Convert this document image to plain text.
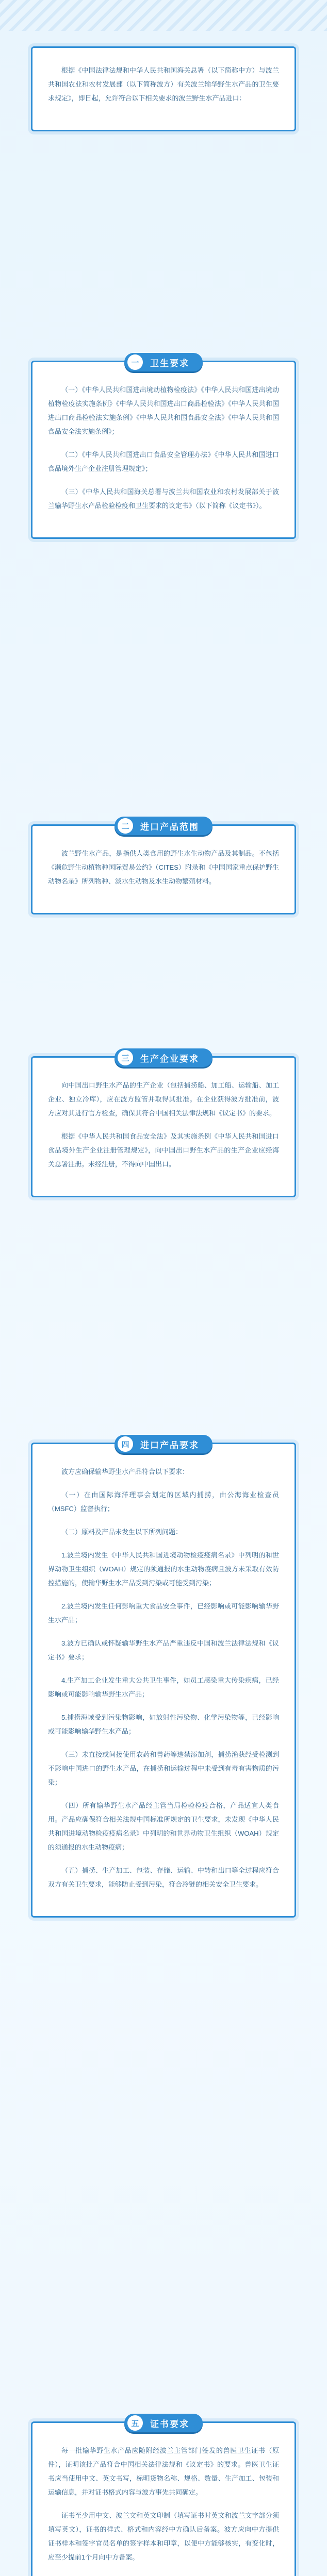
根据《中国法律法规和中华人民共和国海关总署（以下简称中方）与波兰共和国农业和农村发展部（以下简称波方）有关波兰输华野生水产品的卫生要求规定》，即日起，允许符合以下相关要求的波兰野生水产品进口：

一	卫生要求

（一）《中华人民共和国进出境动植物检疫法》《中华人民共和国进出境动植物检疫法实施条例》《中华人民共和国进出口商品检验法》《中华人民共和国进出口商品检验法实施条例》《中华人民共和国食品安全法》《中华人民共和国食品安全法实施条例》；

（二）《中华人民共和国进出口食品安全管理办法》《中华人民共和国进口食品境外生产企业注册管理规定》；

（三）《中华人民共和国海关总署与波兰共和国农业和农村发展部关于波兰输华野生水产品检验检疫和卫生要求的议定书》（以下简称《议定书》）。

二	进口产品范围

波兰野生水产品，是指供人类食用的野生水生动物产品及其制品。不包括《濒危野生动植物种国际贸易公约》（CITES）附录和《中国国家重点保护野生动物名录》所列物种、淡水生动物及水生动物繁殖材料。

三	生产企业要求

向中国出口野生水产品的生产企业（包括捕捞船、加工船、运输船、加工企业、独立冷库），应在波方监管并取得其批准。在企业获得波方批准前，波方应对其进行官方检查，确保其符合中国相关法律法规和《议定书》的要求。

根据《中华人民共和国食品安全法》及其实施条例《中华人民共和国进口食品境外生产企业注册管理规定》，向中国出口野生水产品的生产企业应经海关总署注册。未经注册，不得向中国出口。

四	进口产品要求

波方应确保输华野生水产品符合以下要求：

（一）在由国际海洋理事会划定的区域内捕捞，由公海海业检查员（MSFC）监督执行；

（二）原料及产品未发生以下所列问题：

1.波兰境内发生《中华人民共和国进境动物检疫疫病名录》中列明的和世界动物卫生组织（WOAH）规定的须通报的水生动物疫病且波方未采取有效防控措施的，使输华野生水产品受到污染或可能受到污染；

2.波兰境内发生任何影响重大食品安全事件，已经影响或可能影响输华野生水产品；

3.波方已确认或怀疑输华野生水产品严重违反中国和波兰法律法规和《议定书》要求；

4.生产加工企业发生重大公共卫生事件，如员工感染重大传染疾病，已经影响或可能影响输华野生水产品；

5.捕捞海域受到污染物影响，如放射性污染物、化学污染物等，已经影响或可能影响输华野生水产品；

（三）未直接或间接使用农药和兽药等违禁添加剂，捕捞渔获经受检测到不影响中国进口的野生水产品，在捕捞和运输过程中未受到有毒有害物质的污染；

（四）所有输华野生水产品经主管当局检验检疫合格，产品适宜人类食用。产品应确保符合相关法规中国标准所规定的卫生要求，未发现《中华人民共和国进境动物检疫疫病名录》中列明的和世界动物卫生组织（WOAH）规定的须通报的水生动物疫病；

（五）捕捞、生产加工、包装、存储、运输、中转和出口等全过程应符合双方有关卫生要求，能够防止受到污染，符合冷链的相关安全卫生要求。

五	证书要求

每一批输华野生水产品应随附经波兰主管部门签发的兽医卫生证书（原件），证明该批产品符合中国相关法律法规和《议定书》的要求。兽医卫生证书应当使用中文、英文书写，标明货物名称、规格、数量、生产加工、包装和运输信息，并对证书格式内容与波方事先共同确定。

证书至少用中文、波兰文和英文印制（填写证书时英文和波兰文字部分须填写英文），证书的样式、格式和内容经中方确认后备案。波方应向中方提供证书样本和签字官员名单的签字样本和印章，以便中方能够核实，有变化时，应至少提前1个月向中方备案。
